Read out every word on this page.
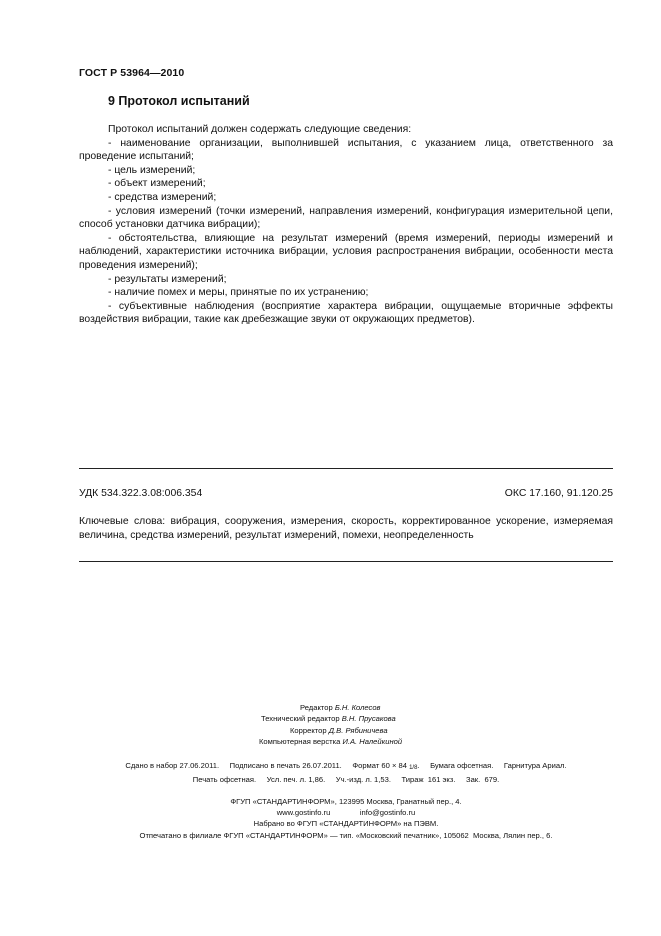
ГОСТ Р 53964—2010
9 Протокол испытаний

Протокол испытаний должен содержать следующие сведения:

- наименование организации, выполнившей испытания, с указанием лица, ответственного за проведение испытаний;

- цель измерений;

- объект измерений;

- средства измерений;

- условия измерений (точки измерений, направления измерений, конфигурация измерительной цепи, способ установки датчика вибрации);

- обстоятельства, влияющие на результат измерений (время измерений, периоды измерений и наблюдений, характеристики источника вибрации, условия распространения вибрации, особенности места проведения измерений);

- результаты измерений;

- наличие помех и меры, принятые по их устранению;

- субъективные наблюдения (восприятие характера вибрации, ощущаемые вторичные эффекты воздействия вибрации, такие как дребезжащие звуки от окружающих предметов).

УДК 534.322.3.08:006.354	ОКС 17.160, 91.120.25

Ключевые слова: вибрация, сооружения, измерения, скорость, корректированное ускорение, измеряемая величина, средства измерений, результат измерений, помехи, неопределенность

Редактор Б.Н. Колесов
Технический редактор В.Н. Прусакова
Корректор Д.В. Рябиничева
Компьютерная верстка И.А. Налейкиной
Сдано в набор 27.06.2011.     Подписано в печать 26.07.2011.     Формат 60 × 84 $_{1/8}$.     Бумага офсетная.     Гарнитура Ариал.
Печать офсетная.     Усл. печ. л. 1,86.     Уч.-изд. л. 1,53.     Тираж  161 экз.     Зак.  679.
ФГУП «СТАНДАРТИНФОРМ», 123995 Москва, Гранатный пер., 4.
www.gostinfo.ru	info@gostinfo.ru
Набрано во ФГУП «СТАНДАРТИНФОРМ» на ПЭВМ.
Отпечатано в филиале ФГУП «СТАНДАРТИНФОРМ» — тип. «Московский печатник», 105062  Москва, Лялин пер., 6.
